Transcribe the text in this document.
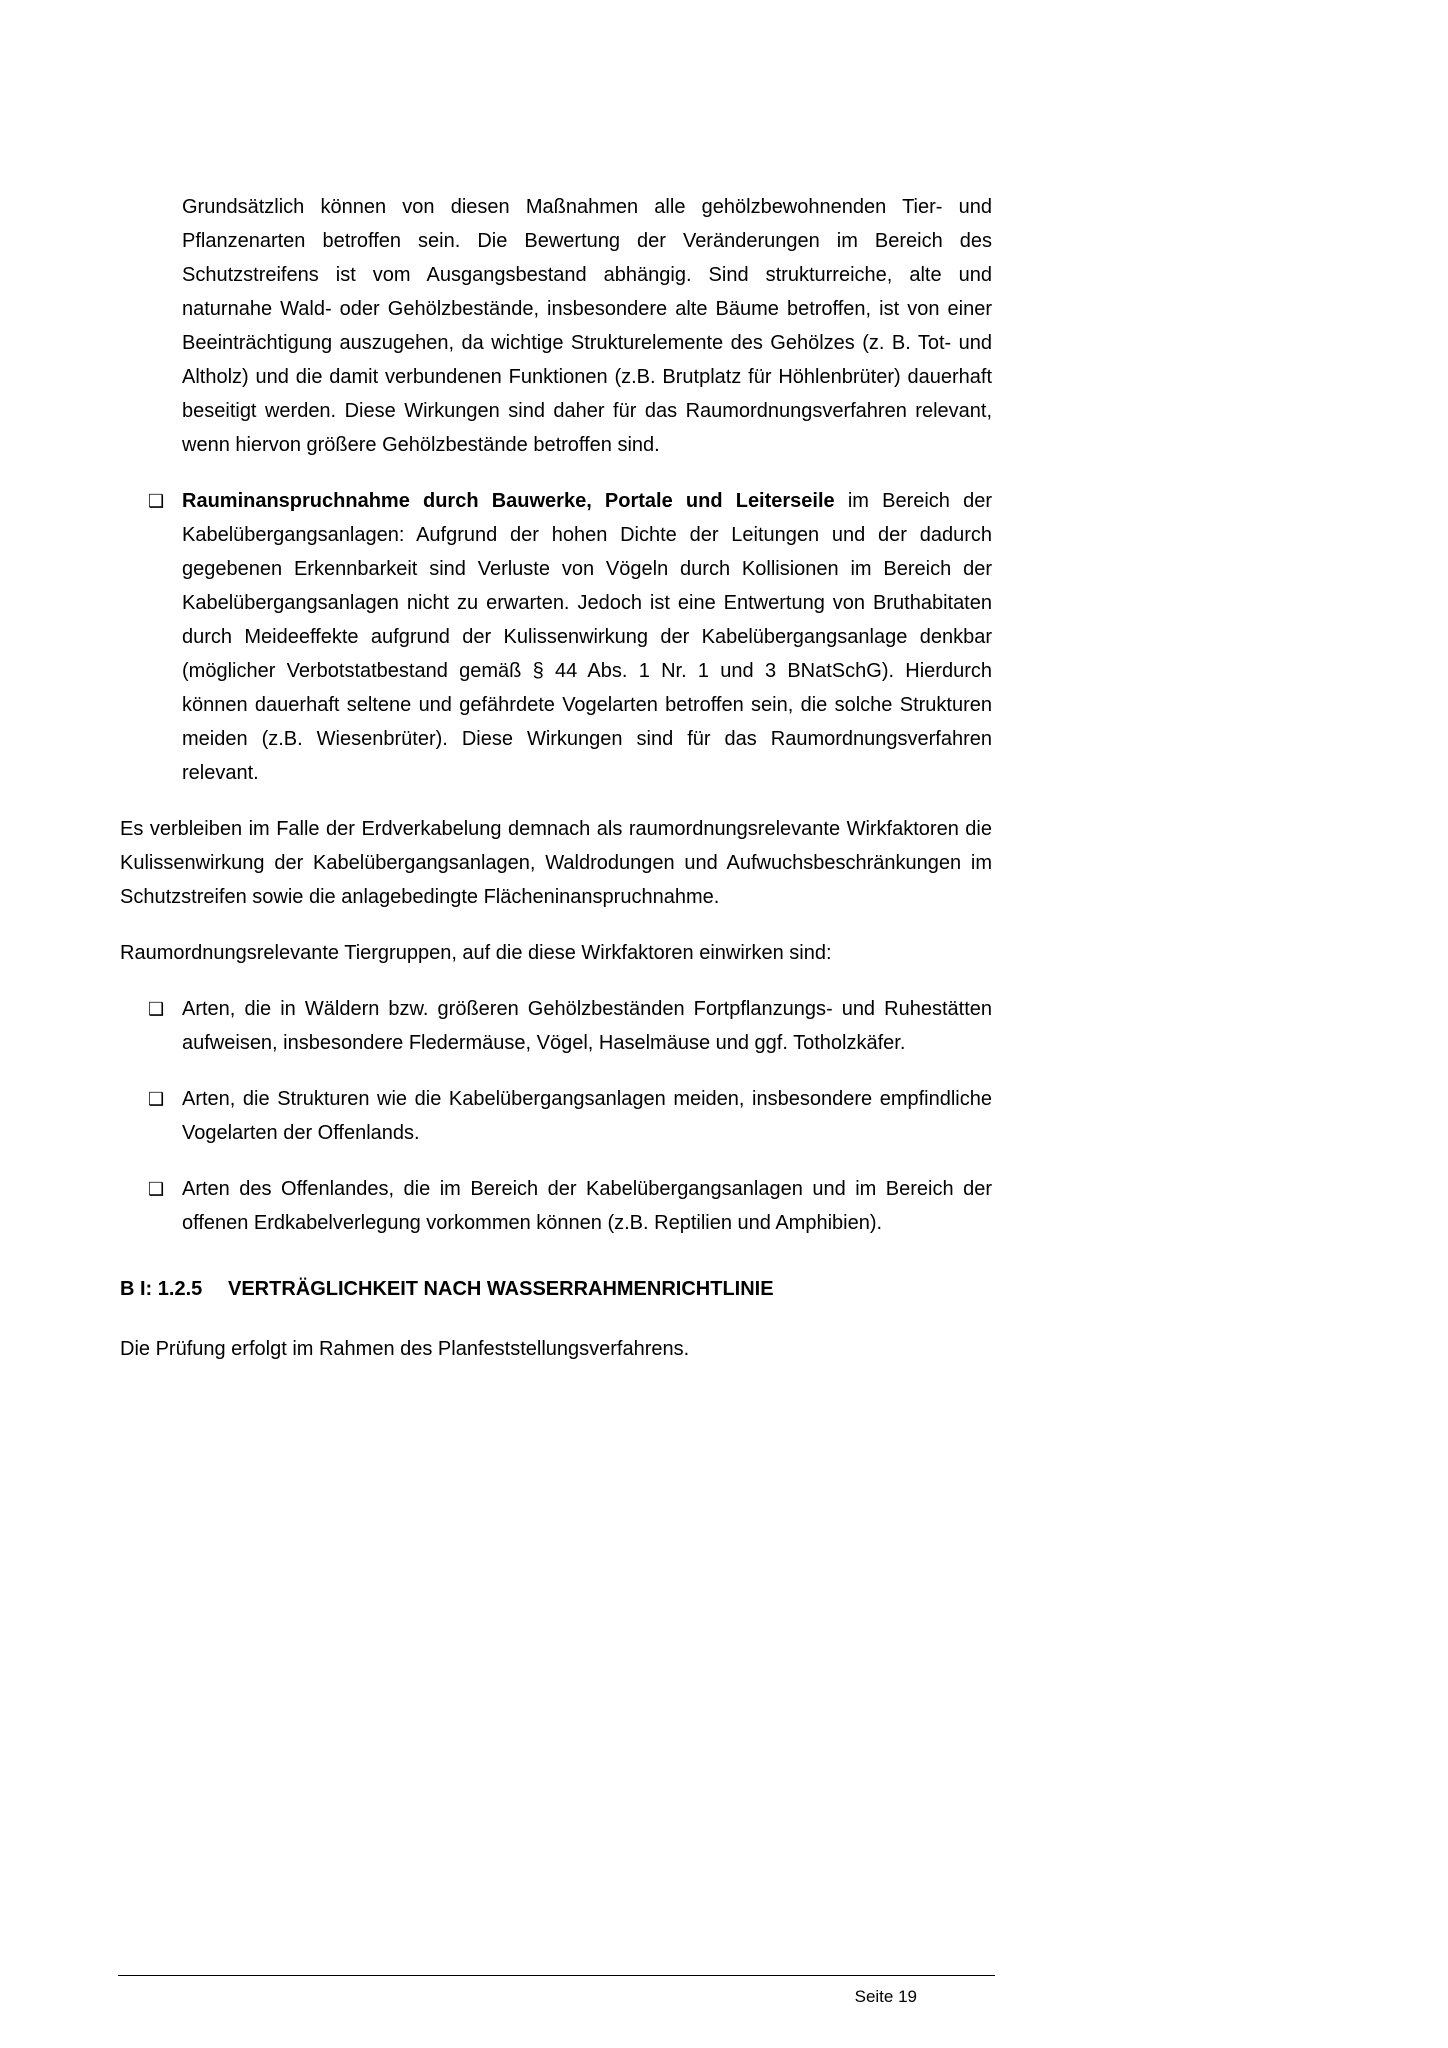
Grundsätzlich können von diesen Maßnahmen alle gehölzbewohnenden Tier- und Pflanzenarten betroffen sein. Die Bewertung der Veränderungen im Bereich des Schutzstreifens ist vom Ausgangsbestand abhängig. Sind strukturreiche, alte und naturnahe Wald- oder Gehölzbestände, insbesondere alte Bäume betroffen, ist von einer Beeinträchtigung auszugehen, da wichtige Strukturelemente des Gehölzes (z. B. Tot- und Altholz) und die damit verbundenen Funktionen (z.B. Brutplatz für Höhlenbrüter) dauerhaft beseitigt werden. Diese Wirkungen sind daher für das Raumordnungsverfahren relevant, wenn hiervon größere Gehölzbestände betroffen sind.

❑ Rauminanspruchnahme durch Bauwerke, Portale und Leiterseile im Bereich der Kabelübergangsanlagen: Aufgrund der hohen Dichte der Leitungen und der dadurch gegebenen Erkennbarkeit sind Verluste von Vögeln durch Kollisionen im Bereich der Kabelübergangsanlagen nicht zu erwarten. Jedoch ist eine Entwertung von Bruthabitaten durch Meideeffekte aufgrund der Kulissenwirkung der Kabelübergangsanlage denkbar (möglicher Verbotstatbestand gemäß § 44 Abs. 1 Nr. 1 und 3 BNatSchG). Hierdurch können dauerhaft seltene und gefährdete Vogelarten betroffen sein, die solche Strukturen meiden (z.B. Wiesenbrüter). Diese Wirkungen sind für das Raumordnungsverfahren relevant.

Es verbleiben im Falle der Erdverkabelung demnach als raumordnungsrelevante Wirkfaktoren die Kulissenwirkung der Kabelübergangsanlagen, Waldrodungen und Aufwuchsbeschränkungen im Schutzstreifen sowie die anlagebedingte Flächeninanspruchnahme.

Raumordnungsrelevante Tiergruppen, auf die diese Wirkfaktoren einwirken sind:

❑ Arten, die in Wäldern bzw. größeren Gehölzbeständen Fortpflanzungs- und Ruhestätten aufweisen, insbesondere Fledermäuse, Vögel, Haselmäuse und ggf. Totholzkäfer.
❑ Arten, die Strukturen wie die Kabelübergangsanlagen meiden, insbesondere empfindliche Vogelarten der Offenlands.
❑ Arten des Offenlandes, die im Bereich der Kabelübergangsanlagen und im Bereich der offenen Erdkabelverlegung vorkommen können (z.B. Reptilien und Amphibien).
B I: 1.2.5	VERTRÄGLICHKEIT NACH WASSERRAHMENRICHTLINIE

Die Prüfung erfolgt im Rahmen des Planfeststellungsverfahrens.

Seite 19
